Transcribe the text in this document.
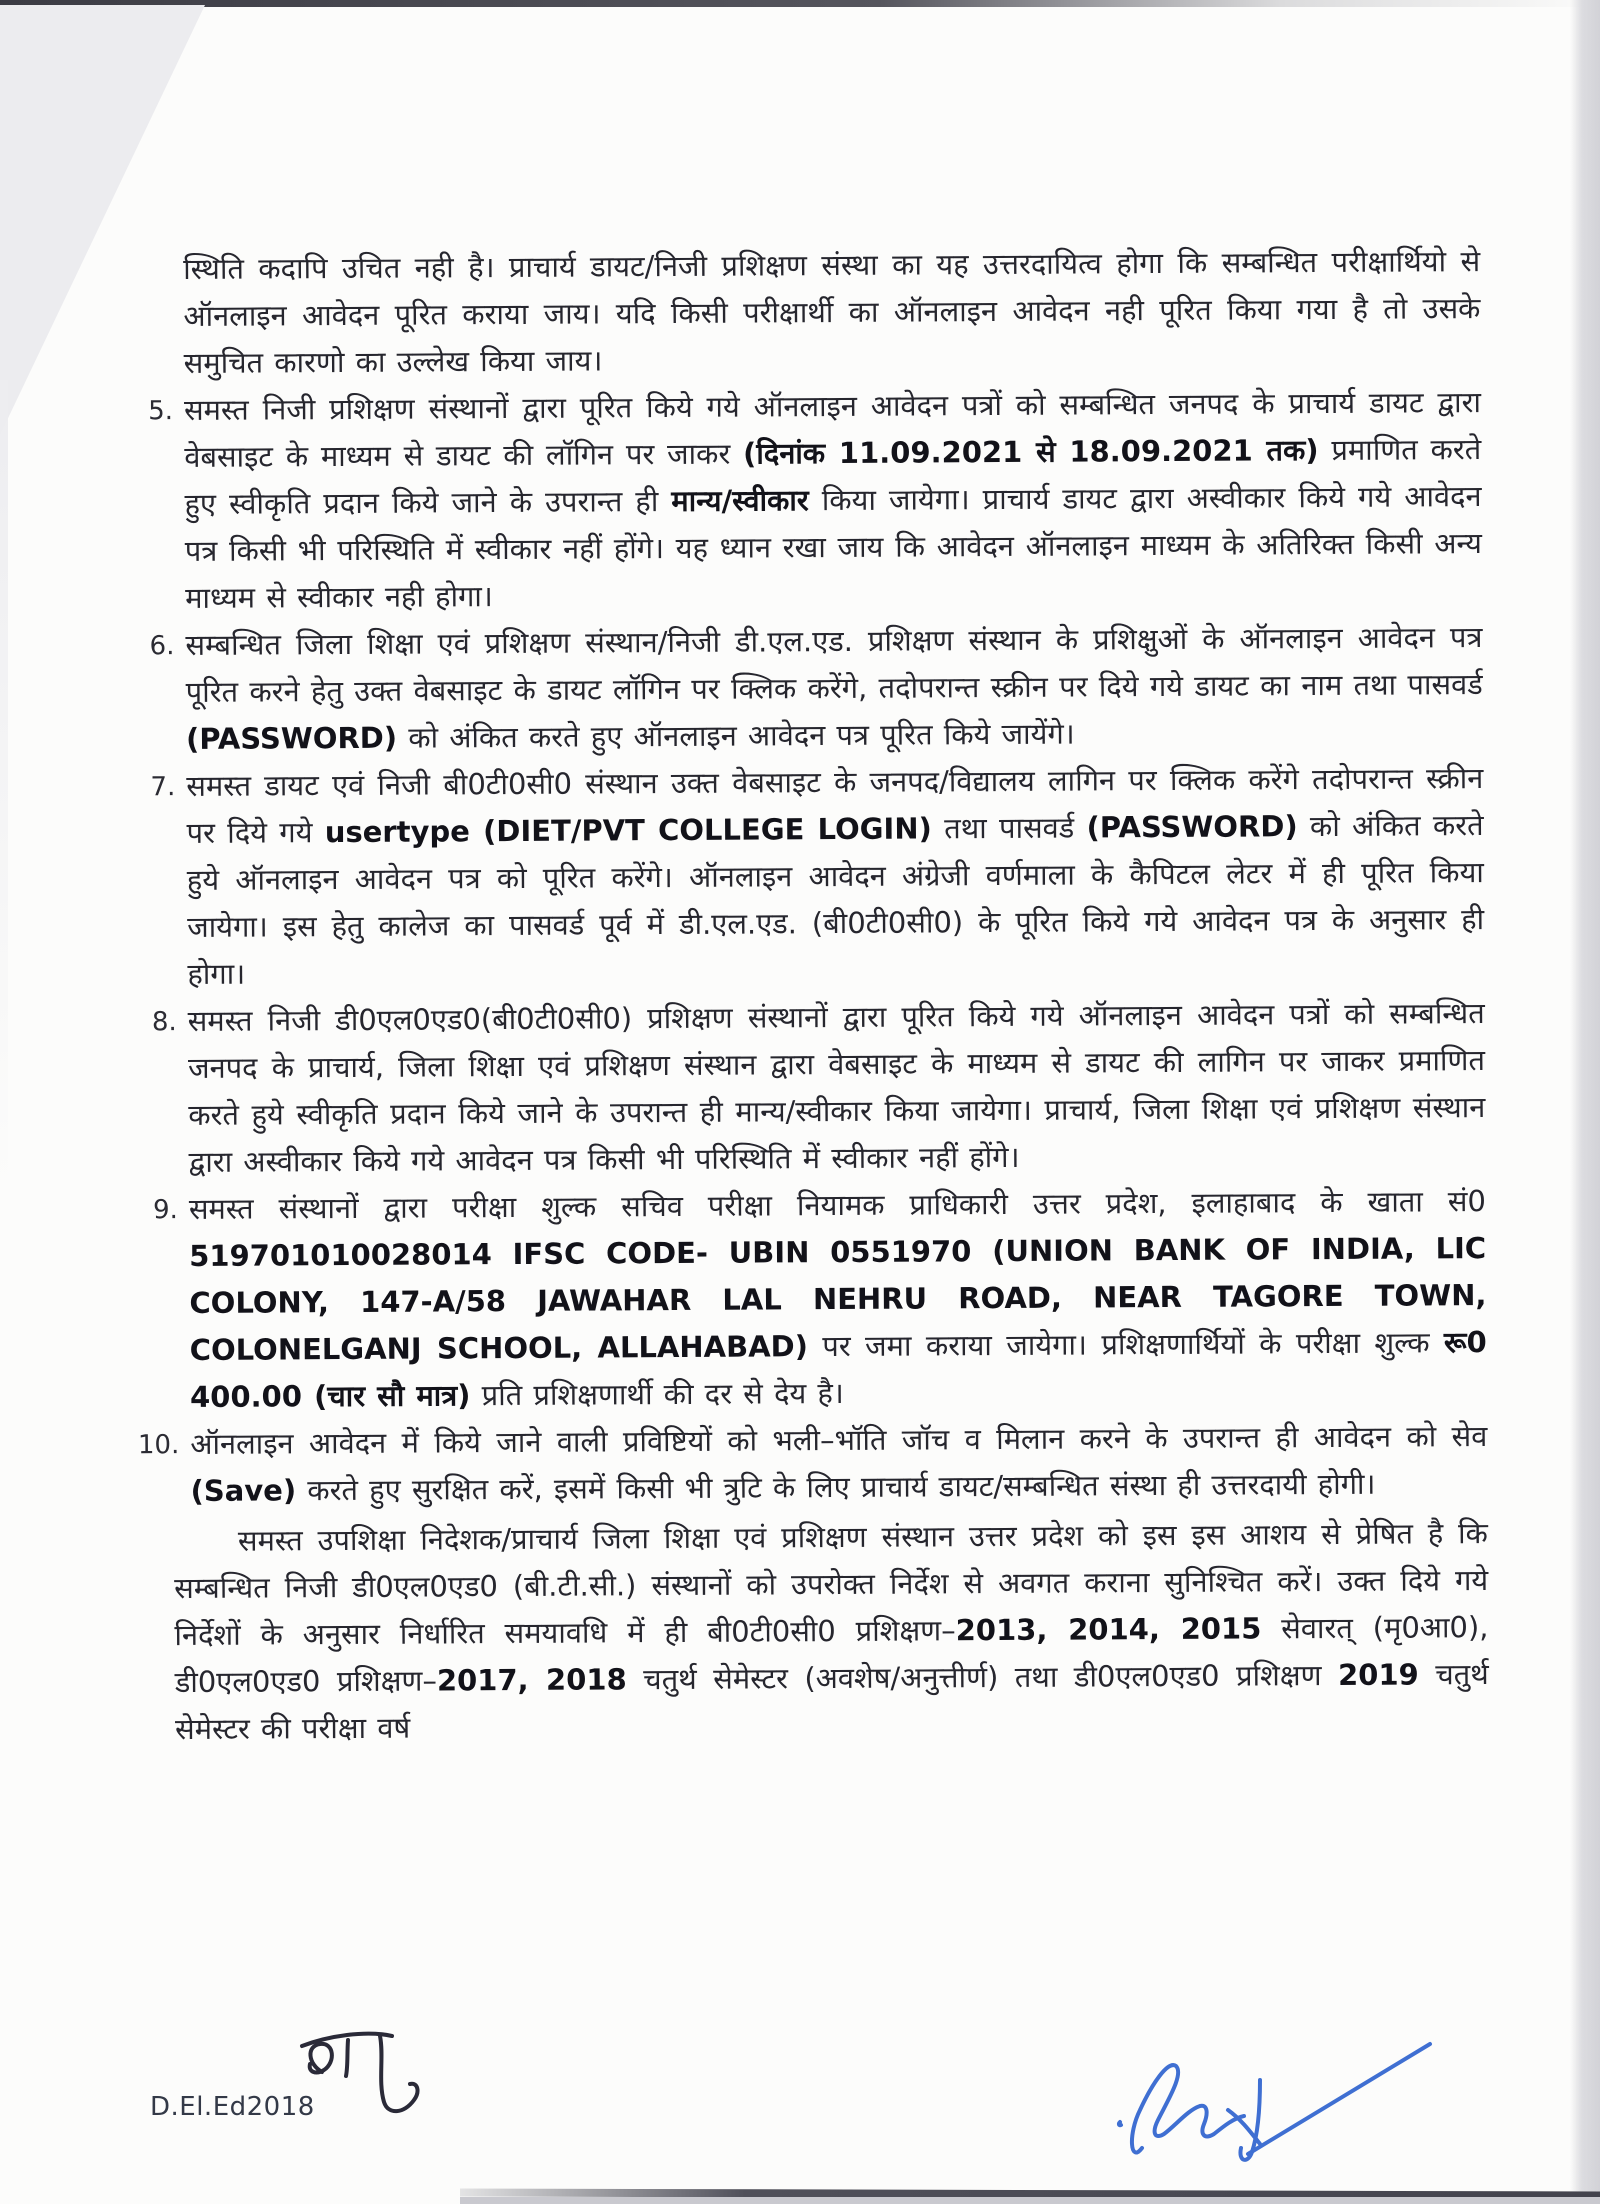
स्थिति कदापि उचित नही है। प्राचार्य डायट/निजी प्रशिक्षण संस्था का यह उत्तरदायित्व होगा कि सम्बन्धित परीक्षार्थियो से ऑनलाइन आवेदन पूरित कराया जाय। यदि किसी परीक्षार्थी का ऑनलाइन आवेदन नही पूरित किया गया है तो उसके समुचित कारणो का उल्लेख किया जाय।
5. समस्त निजी प्रशिक्षण संस्थानों द्वारा पूरित किये गये ऑनलाइन आवेदन पत्रों को सम्बन्धित जनपद के प्राचार्य डायट द्वारा वेबसाइट के माध्यम से डायट की लॉगिन पर जाकर (दिनांक 11.09.2021 से 18.09.2021 तक) प्रमाणित करते हुए स्वीकृति प्रदान किये जाने के उपरान्त ही मान्य/स्वीकार किया जायेगा। प्राचार्य डायट द्वारा अस्वीकार किये गये आवेदन पत्र किसी भी परिस्थिति में स्वीकार नहीं होंगे। यह ध्यान रखा जाय कि आवेदन ऑनलाइन माध्यम के अतिरिक्त किसी अन्य माध्यम से स्वीकार नही होगा।
6. सम्बन्धित जिला शिक्षा एवं प्रशिक्षण संस्थान/निजी डी.एल.एड. प्रशिक्षण संस्थान के प्रशिक्षुओं के ऑनलाइन आवेदन पत्र पूरित करने हेतु उक्त वेबसाइट के डायट लॉगिन पर क्लिक करेंगे, तदोपरान्त स्क्रीन पर दिये गये डायट का नाम तथा पासवर्ड (PASSWORD) को अंकित करते हुए ऑनलाइन आवेदन पत्र पूरित किये जायेंगे।
7. समस्त डायट एवं निजी बी0टी0सी0 संस्थान उक्त वेबसाइट के जनपद/विद्यालय लागिन पर क्लिक करेंगे तदोपरान्त स्क्रीन पर दिये गये usertype (DIET/PVT COLLEGE LOGIN) तथा पासवर्ड (PASSWORD) को अंकित करते हुये ऑनलाइन आवेदन पत्र को पूरित करेंगे। ऑनलाइन आवेदन अंग्रेजी वर्णमाला के कैपिटल लेटर में ही पूरित किया जायेगा। इस हेतु कालेज का पासवर्ड पूर्व में डी.एल.एड. (बी0टी0सी0) के पूरित किये गये आवेदन पत्र के अनुसार ही होगा।
8. समस्त निजी डी0एल0एड0(बी0टी0सी0) प्रशिक्षण संस्थानों द्वारा पूरित किये गये ऑनलाइन आवेदन पत्रों को सम्बन्धित जनपद के प्राचार्य, जिला शिक्षा एवं प्रशिक्षण संस्थान द्वारा वेबसाइट के माध्यम से डायट की लागिन पर जाकर प्रमाणित करते हुये स्वीकृति प्रदान किये जाने के उपरान्त ही मान्य/स्वीकार किया जायेगा। प्राचार्य, जिला शिक्षा एवं प्रशिक्षण संस्थान द्वारा अस्वीकार किये गये आवेदन पत्र किसी भी परिस्थिति में स्वीकार नहीं होंगे।
9. समस्त संस्थानों द्वारा परीक्षा शुल्क सचिव परीक्षा नियामक प्राधिकारी उत्तर प्रदेश, इलाहाबाद के खाता सं0 519701010028014 IFSC CODE- UBIN 0551970 (UNION BANK OF INDIA, LIC COLONY, 147-A/58 JAWAHAR LAL NEHRU ROAD, NEAR TAGORE TOWN, COLONELGANJ SCHOOL, ALLAHABAD) पर जमा कराया जायेगा। प्रशिक्षणार्थियों के परीक्षा शुल्क रू0 400.00 (चार सौ मात्र) प्रति प्रशिक्षणार्थी की दर से देय है।
10. ऑनलाइन आवेदन में किये जाने वाली प्रविष्टियों को भली–भॉति जॉच व मिलान करने के उपरान्त ही आवेदन को सेव (Save) करते हुए सुरक्षित करें, इसमें किसी भी त्रुटि के लिए प्राचार्य डायट/सम्बन्धित संस्था ही उत्तरदायी होगी।
समस्त उपशिक्षा निदेशक/प्राचार्य जिला शिक्षा एवं प्रशिक्षण संस्थान उत्तर प्रदेश को इस इस आशय से प्रेषित है कि सम्बन्धित निजी डी0एल0एड0 (बी.टी.सी.) संस्थानों को उपरोक्त निर्देश से अवगत कराना सुनिश्चित करें। उक्त दिये गये निर्देशों के अनुसार निर्धारित समयावधि में ही बी0टी0सी0 प्रशिक्षण–2013, 2014, 2015 सेवारत् (मृ0आ0), डी0एल0एड0 प्रशिक्षण–2017, 2018 चतुर्थ सेमेस्टर (अवशेष/अनुत्तीर्ण) तथा डी0एल0एड0 प्रशिक्षण 2019 चतुर्थ सेमेस्टर की परीक्षा वर्ष
D.El.Ed2018
